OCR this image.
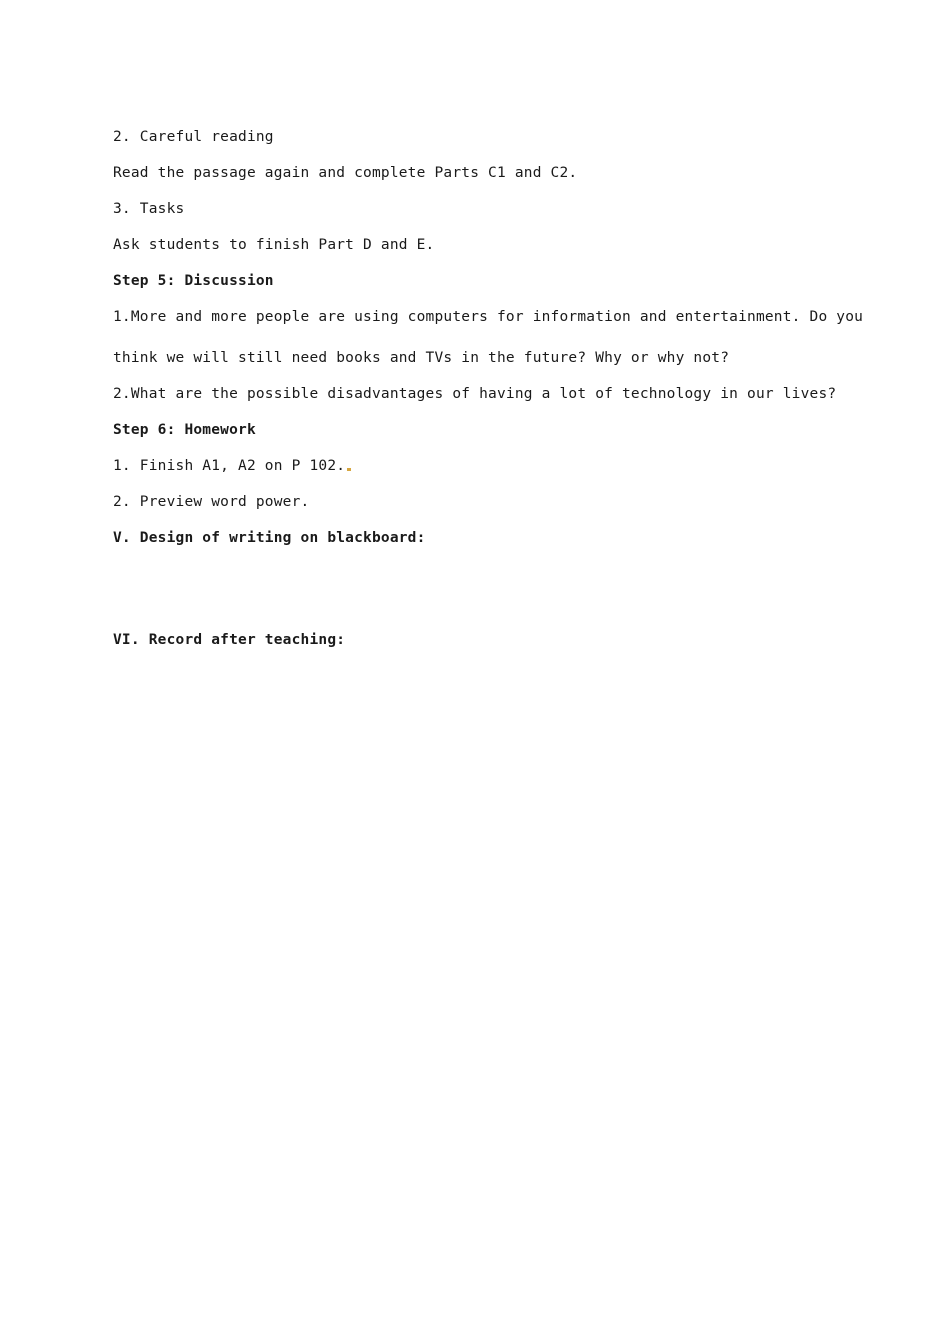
2. Careful reading
Read the passage again and complete Parts C1 and C2.
3. Tasks
Ask students to finish Part D and E.
Step 5: Discussion
1.More and more people are using computers for information and entertainment. Do you
think we will still need books and TVs in the future? Why or why not?
2.What are the possible disadvantages of having a lot of technology in our lives?
Step 6: Homework
1. Finish A1, A2 on P 102.
2. Preview word power.
V. Design of writing on blackboard:
VI. Record after teaching:
